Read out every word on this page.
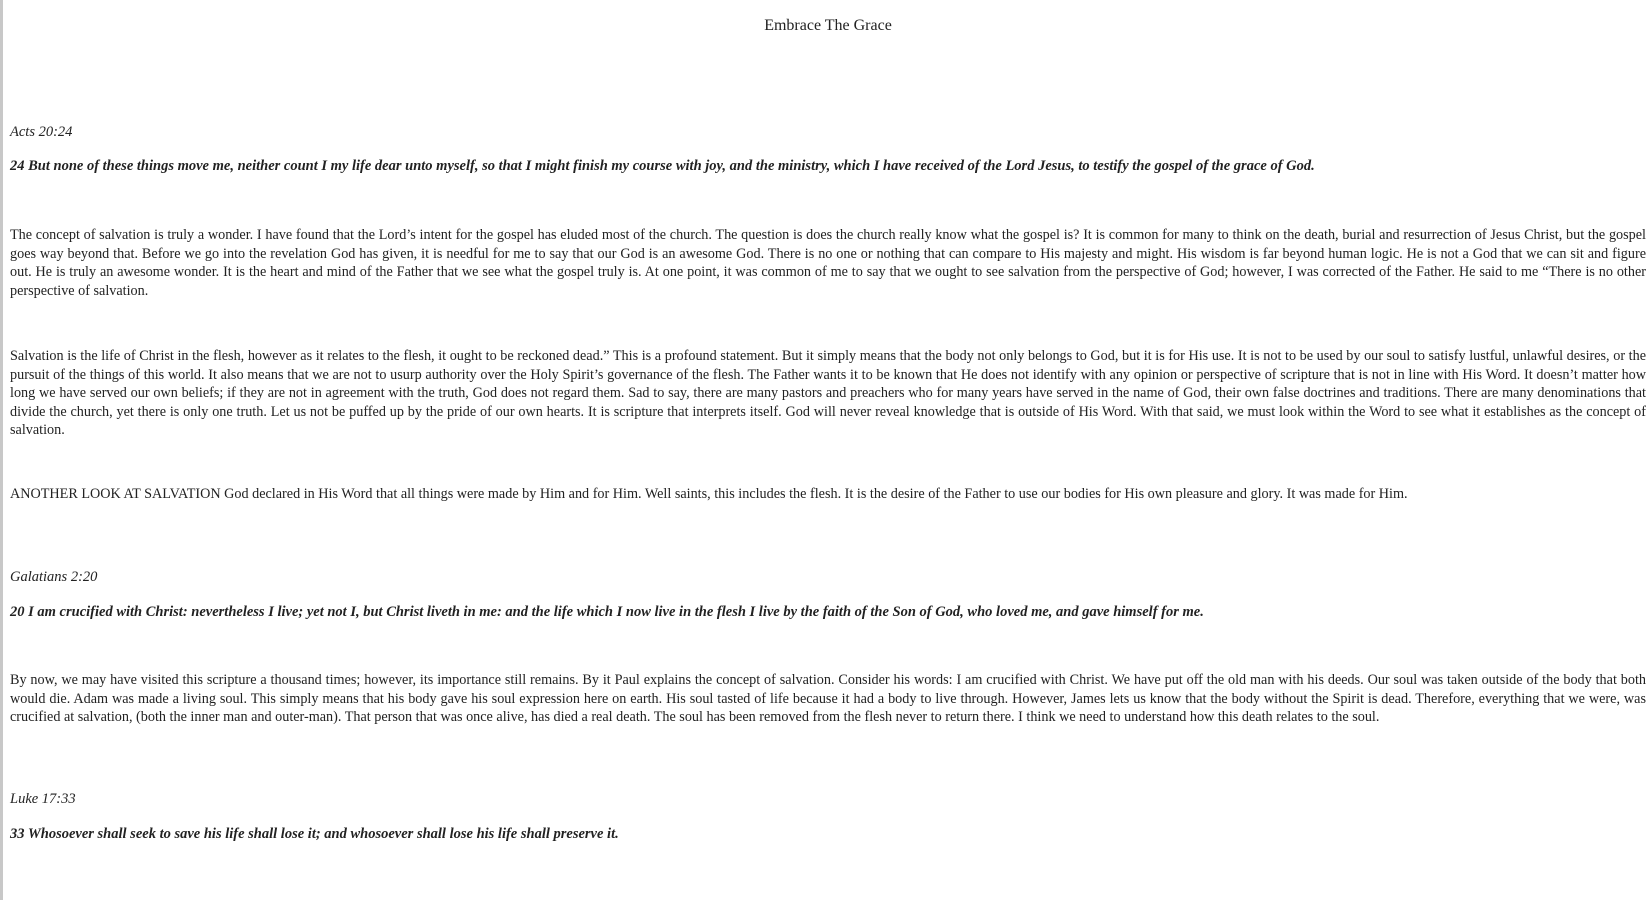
Embrace The Grace
Acts 20:24
24 But none of these things move me, neither count I my life dear unto myself, so that I might finish my course with joy, and the ministry, which I have received of the Lord Jesus, to testify the gospel of the grace of God.
The concept of salvation is truly a wonder. I have found that the Lord’s intent for the gospel has eluded most of the church. The question is does the church really know what the gospel is? It is common for many to think on the death, burial and resurrection of Jesus Christ, but the gospel goes way beyond that. Before we go into the revelation God has given, it is needful for me to say that our God is an awesome God. There is no one or nothing that can compare to His majesty and might. His wisdom is far beyond human logic. He is not a God that we can sit and figure out. He is truly an awesome wonder. It is the heart and mind of the Father that we see what the gospel truly is. At one point, it was common of me to say that we ought to see salvation from the perspective of God; however, I was corrected of the Father. He said to me “There is no other perspective of salvation.
Salvation is the life of Christ in the flesh, however as it relates to the flesh, it ought to be reckoned dead.” This is a profound statement. But it simply means that the body not only belongs to God, but it is for His use. It is not to be used by our soul to satisfy lustful, unlawful desires, or the pursuit of the things of this world. It also means that we are not to usurp authority over the Holy Spirit’s governance of the flesh. The Father wants it to be known that He does not identify with any opinion or perspective of scripture that is not in line with His Word. It doesn’t matter how long we have served our own beliefs; if they are not in agreement with the truth, God does not regard them. Sad to say, there are many pastors and preachers who for many years have served in the name of God, their own false doctrines and traditions. There are many denominations that divide the church, yet there is only one truth. Let us not be puffed up by the pride of our own hearts. It is scripture that interprets itself. God will never reveal knowledge that is outside of His Word. With that said, we must look within the Word to see what it establishes as the concept of salvation.
ANOTHER LOOK AT SALVATION God declared in His Word that all things were made by Him and for Him. Well saints, this includes the flesh. It is the desire of the Father to use our bodies for His own pleasure and glory. It was made for Him.
Galatians 2:20
20 I am crucified with Christ: nevertheless I live; yet not I, but Christ liveth in me: and the life which I now live in the flesh I live by the faith of the Son of God, who loved me, and gave himself for me.
By now, we may have visited this scripture a thousand times; however, its importance still remains. By it Paul explains the concept of salvation. Consider his words: I am crucified with Christ. We have put off the old man with his deeds. Our soul was taken outside of the body that both would die. Adam was made a living soul. This simply means that his body gave his soul expression here on earth. His soul tasted of life because it had a body to live through. However, James lets us know that the body without the Spirit is dead. Therefore, everything that we were, was crucified at salvation, (both the inner man and outer-man). That person that was once alive, has died a real death. The soul has been removed from the flesh never to return there. I think we need to understand how this death relates to the soul.
Luke 17:33
33 Whosoever shall seek to save his life shall lose it; and whosoever shall lose his life shall preserve it.
